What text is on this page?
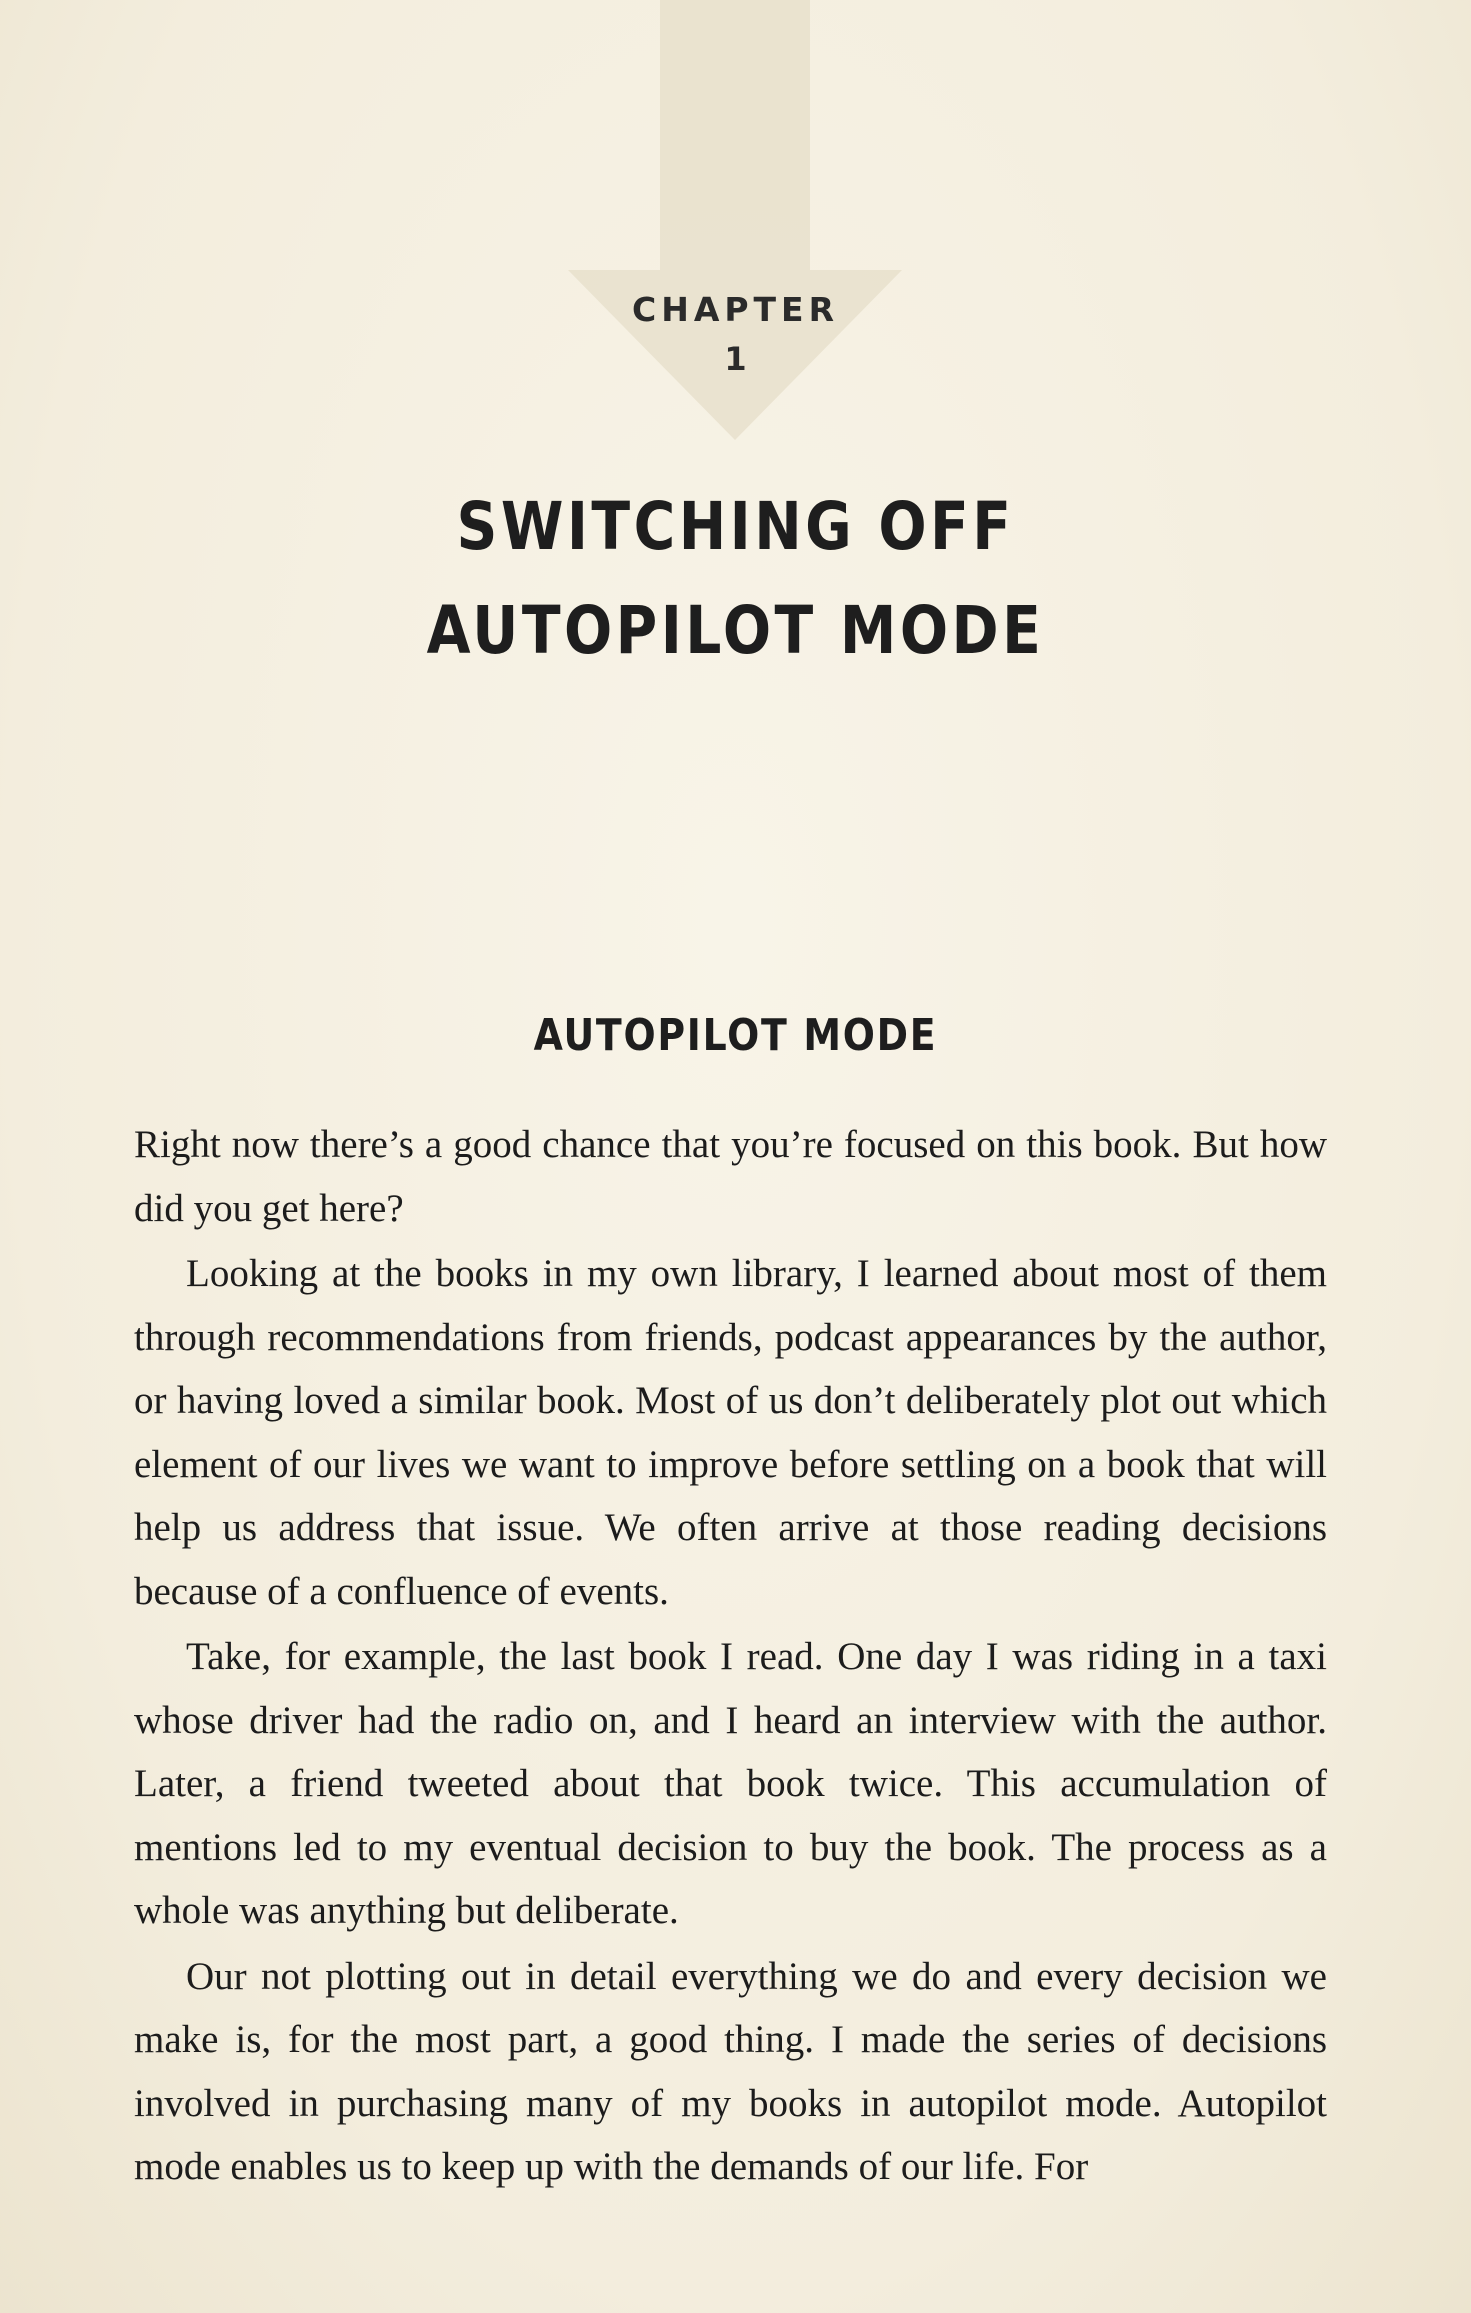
CHAPTER
1
SWITCHING OFF
AUTOPILOT MODE
AUTOPILOT MODE

Right now there’s a good chance that you’re focused on this book. But how did you get here?

Looking at the books in my own library, I learned about most of them through recommendations from friends, podcast appearances by the author, or having loved a similar book. Most of us don’t deliberately plot out which element of our lives we want to improve before settling on a book that will help us address that issue. We often arrive at those reading decisions because of a confluence of events.

Take, for example, the last book I read. One day I was riding in a taxi whose driver had the radio on, and I heard an interview with the author. Later, a friend tweeted about that book twice. This accumulation of mentions led to my eventual decision to buy the book. The process as a whole was anything but deliberate.

Our not plotting out in detail everything we do and every decision we make is, for the most part, a good thing. I made the series of decisions involved in purchasing many of my books in autopilot mode. Autopilot mode enables us to keep up with the demands of our life. For
